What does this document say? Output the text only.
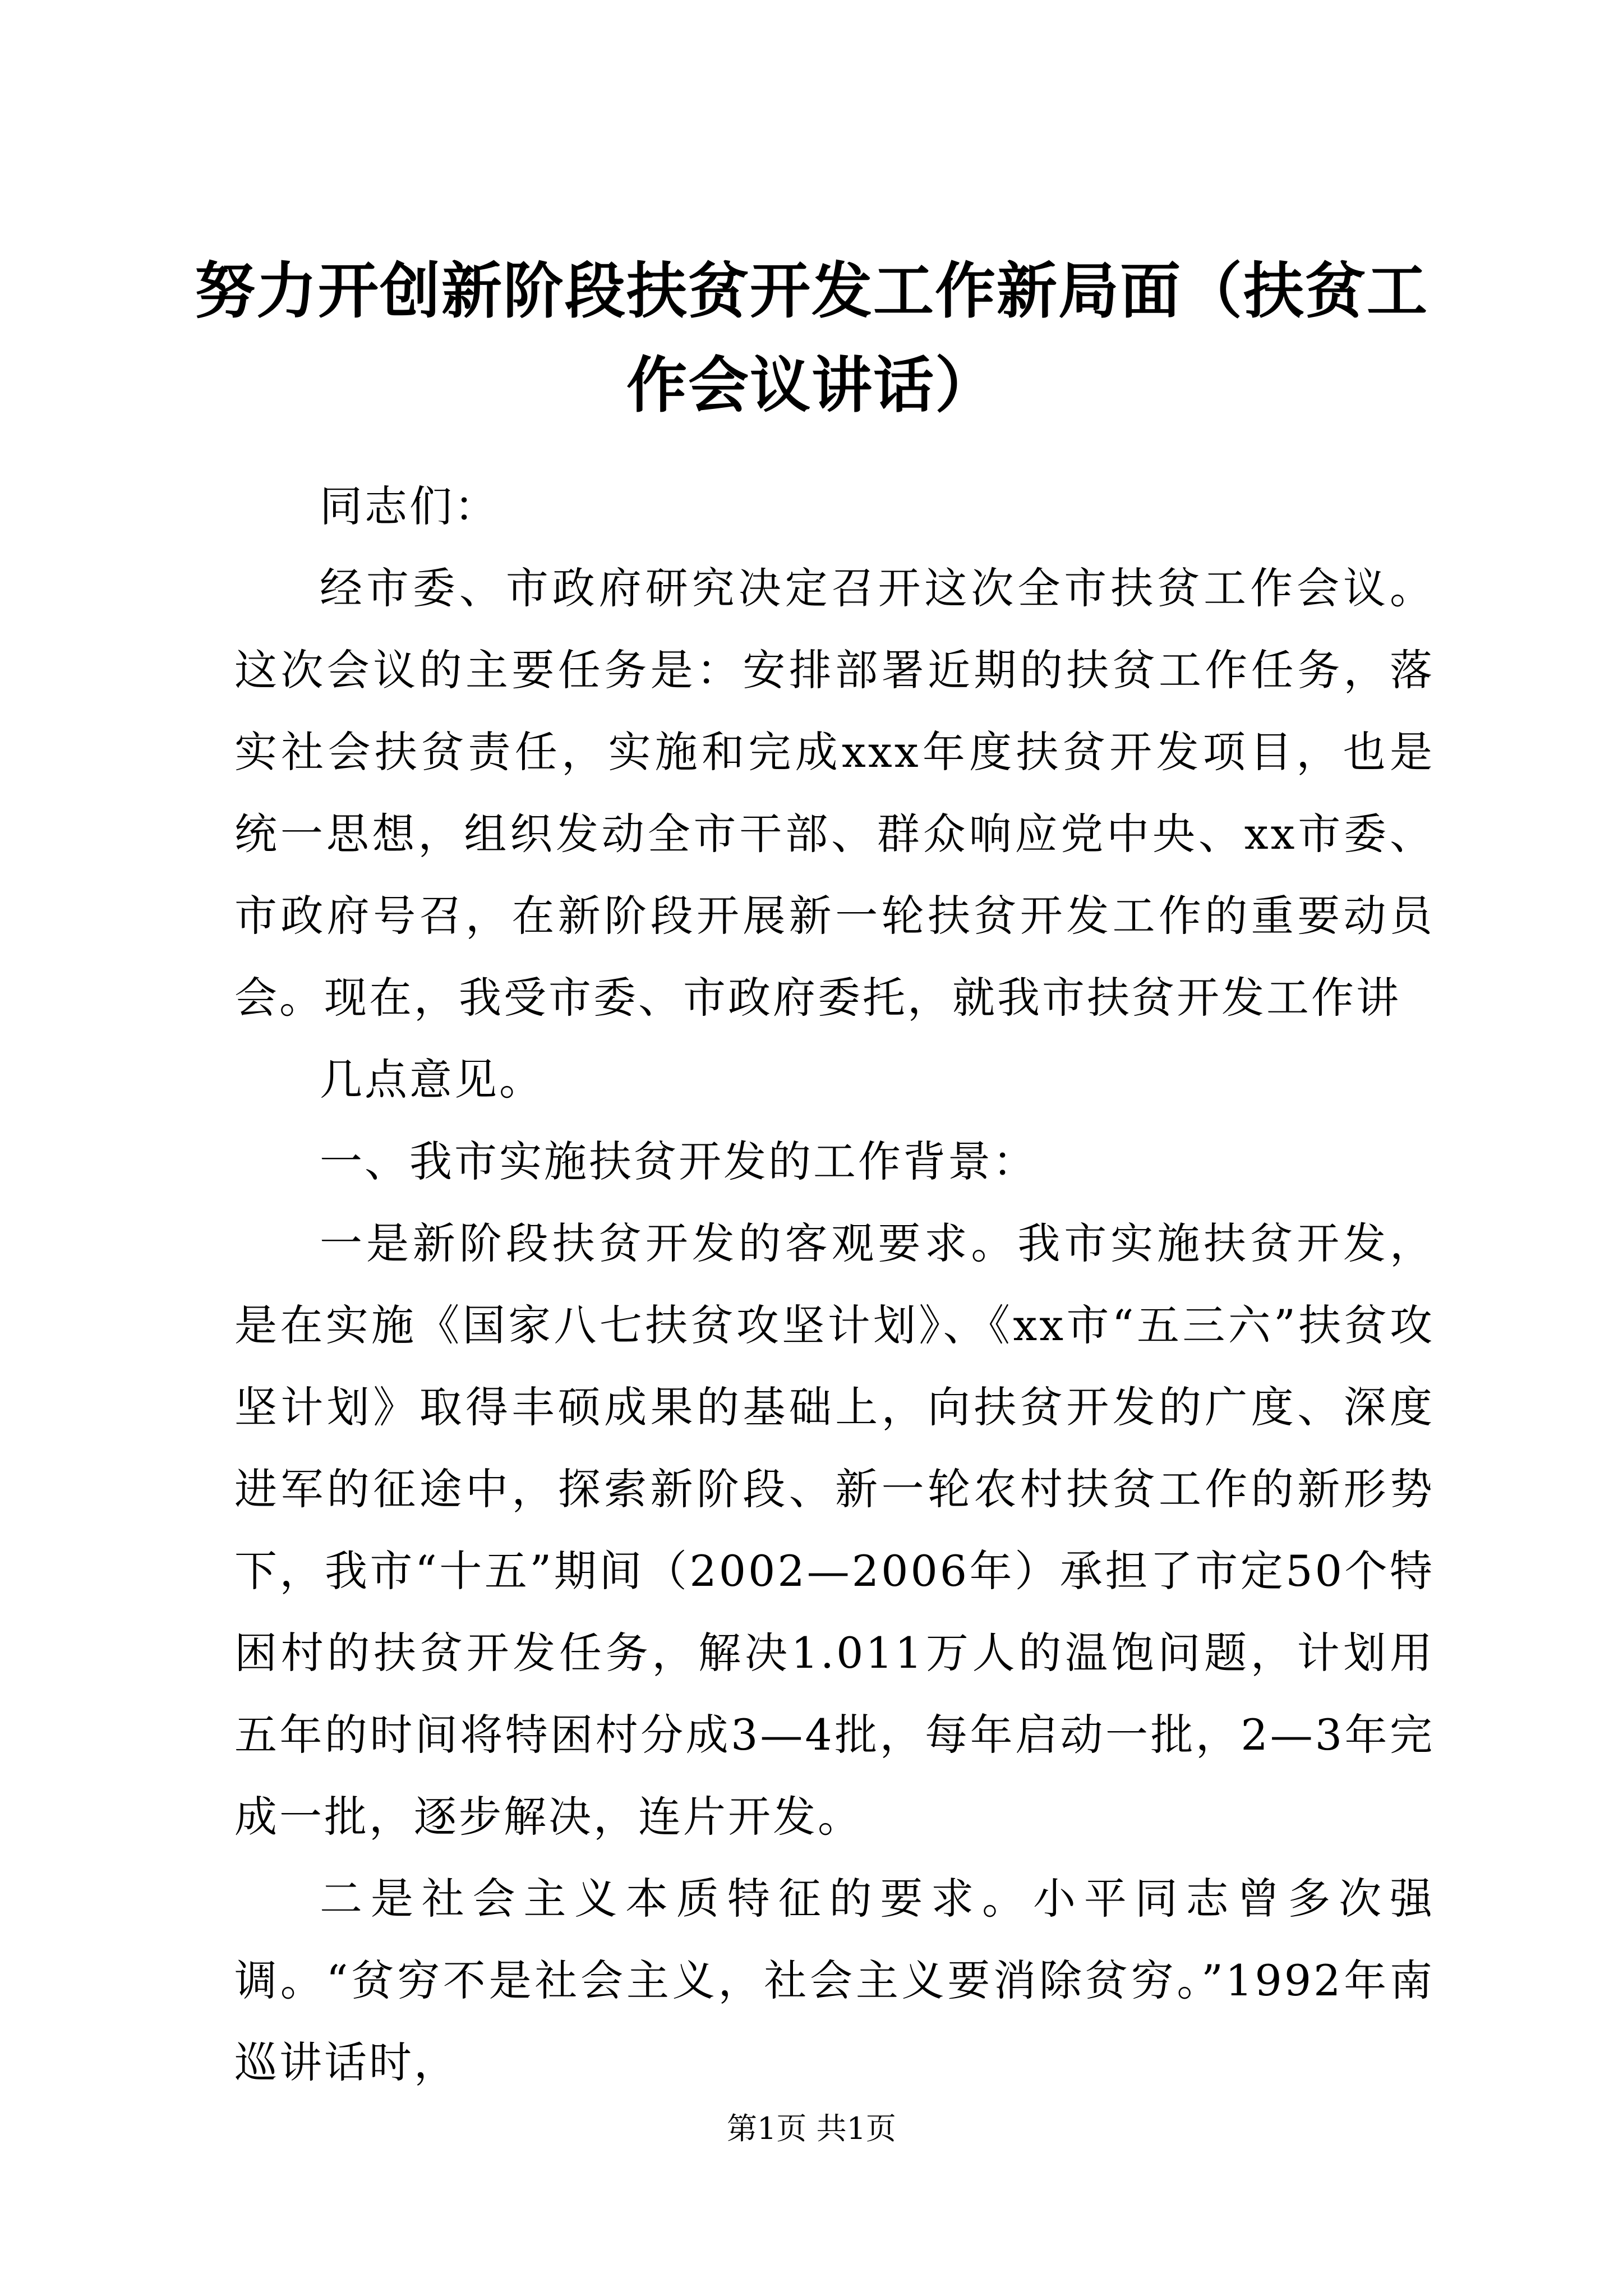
努力开创新阶段扶贫开发工作新局面（扶贫工作会议讲话）

同志们：

经市委、市政府研究决定召开这次全市扶贫工作会议。这次会议的主要任务是：安排部署近期的扶贫工作任务，落实社会扶贫责任，实施和完成xxx年度扶贫开发项目，也是统一思想，组织发动全市干部、群众响应党中央、xx市委、市政府号召，在新阶段开展新一轮扶贫开发工作的重要动员会。现在，我受市委、市政府委托，就我市扶贫开发工作讲

几点意见。

一、我市实施扶贫开发的工作背景：

一是新阶段扶贫开发的客观要求。我市实施扶贫开发，是在实施《国家八七扶贫攻坚计划》、《xx市“五三六”扶贫攻坚计划》取得丰硕成果的基础上，向扶贫开发的广度、深度进军的征途中，探索新阶段、新一轮农村扶贫工作的新形势下，我市“十五”期间（2002—2006年）承担了市定50个特困村的扶贫开发任务，解决1.011万人的温饱问题，计划用五年的时间将特困村分成3—4批，每年启动一批，2—3年完成一批，逐步解决，连片开发。

二是社会主义本质特征的要求。小平同志曾多次强调。“贫穷不是社会主义，社会主义要消除贫穷。”1992年南巡讲话时，

第1页 共1页
